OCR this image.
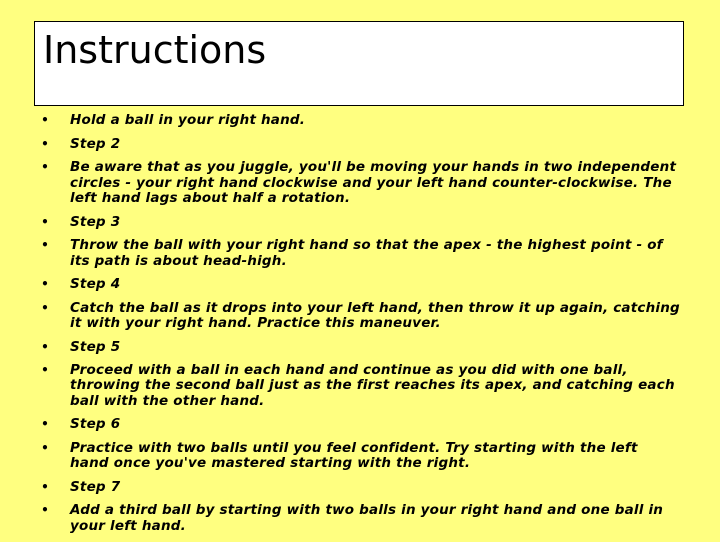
• Hold a ball in your right hand.
• Step 2
• Be aware that as you juggle, you'll be moving your hands in two independent circles - your right hand clockwise and your left hand counter-clockwise. The left hand lags about half a rotation.
• Step 3
• Throw the ball with your right hand so that the apex - the highest point - of its path is about head-high.
• Step 4
• Catch the ball as it drops into your left hand, then throw it up again, catching it with your right hand. Practice this maneuver.
• Step 5
• Proceed with a ball in each hand and continue as you did with one ball, throwing the second ball just as the first reaches its apex, and catching each ball with the other hand.
• Step 6
• Practice with two balls until you feel confident. Try starting with the left hand once you've mastered starting with the right.
• Step 7
• Add a third ball by starting with two balls in your right hand and one ball in your left hand.
Instructions
